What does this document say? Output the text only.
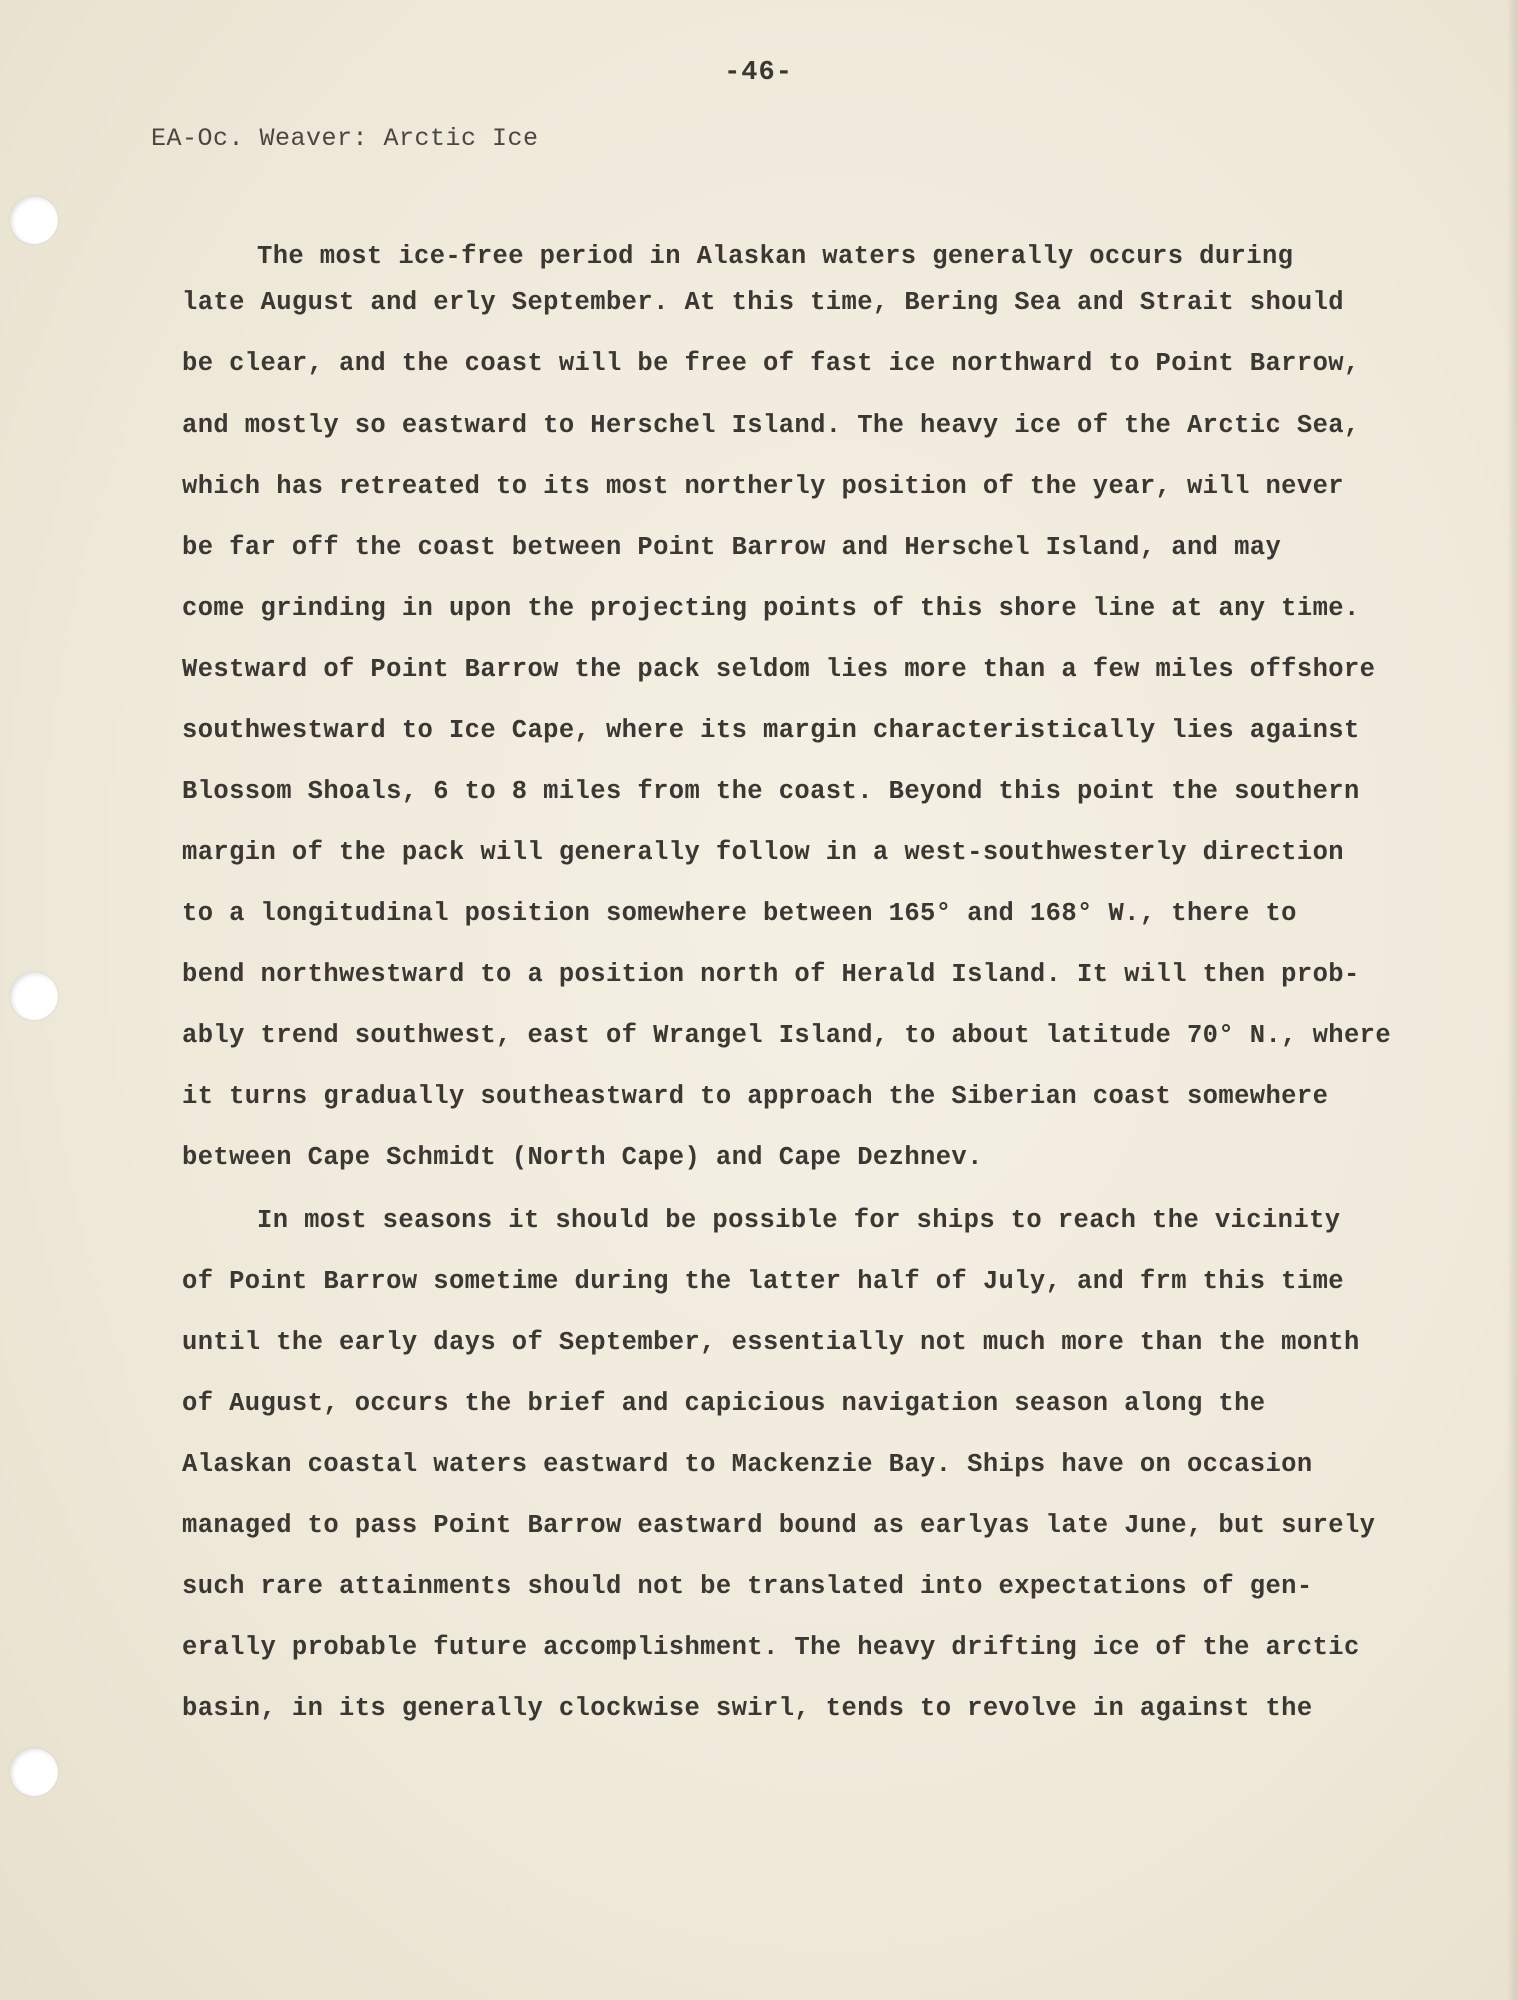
-46-
EA-Oc. Weaver: Arctic Ice
The most ice-free period in Alaskan waters generally occurs during
late August and erly September. At this time, Bering Sea and Strait should
be clear, and the coast will be free of fast ice northward to Point Barrow,
and mostly so eastward to Herschel Island. The heavy ice of the Arctic Sea,
which has retreated to its most northerly position of the year, will never
be far off the coast between Point Barrow and Herschel Island, and may
come grinding in upon the projecting points of this shore line at any time.
Westward of Point Barrow the pack seldom lies more than a few miles offshore
southwestward to Ice Cape, where its margin characteristically lies against
Blossom Shoals, 6 to 8 miles from the coast. Beyond this point the southern
margin of the pack will generally follow in a west-southwesterly direction
to a longitudinal position somewhere between 165° and 168° W., there to
bend northwestward to a position north of Herald Island. It will then prob-
ably trend southwest, east of Wrangel Island, to about latitude 70° N., where
it turns gradually southeastward to approach the Siberian coast somewhere
between Cape Schmidt (North Cape) and Cape Dezhnev.
In most seasons it should be possible for ships to reach the vicinity
of Point Barrow sometime during the latter half of July, and frm this time
until the early days of September, essentially not much more than the month
of August, occurs the brief and capicious navigation season along the
Alaskan coastal waters eastward to Mackenzie Bay. Ships have on occasion
managed to pass Point Barrow eastward bound as earlyas late June, but surely
such rare attainments should not be translated into expectations of gen-
erally probable future accomplishment. The heavy drifting ice of the arctic
basin, in its generally clockwise swirl, tends to revolve in against the
